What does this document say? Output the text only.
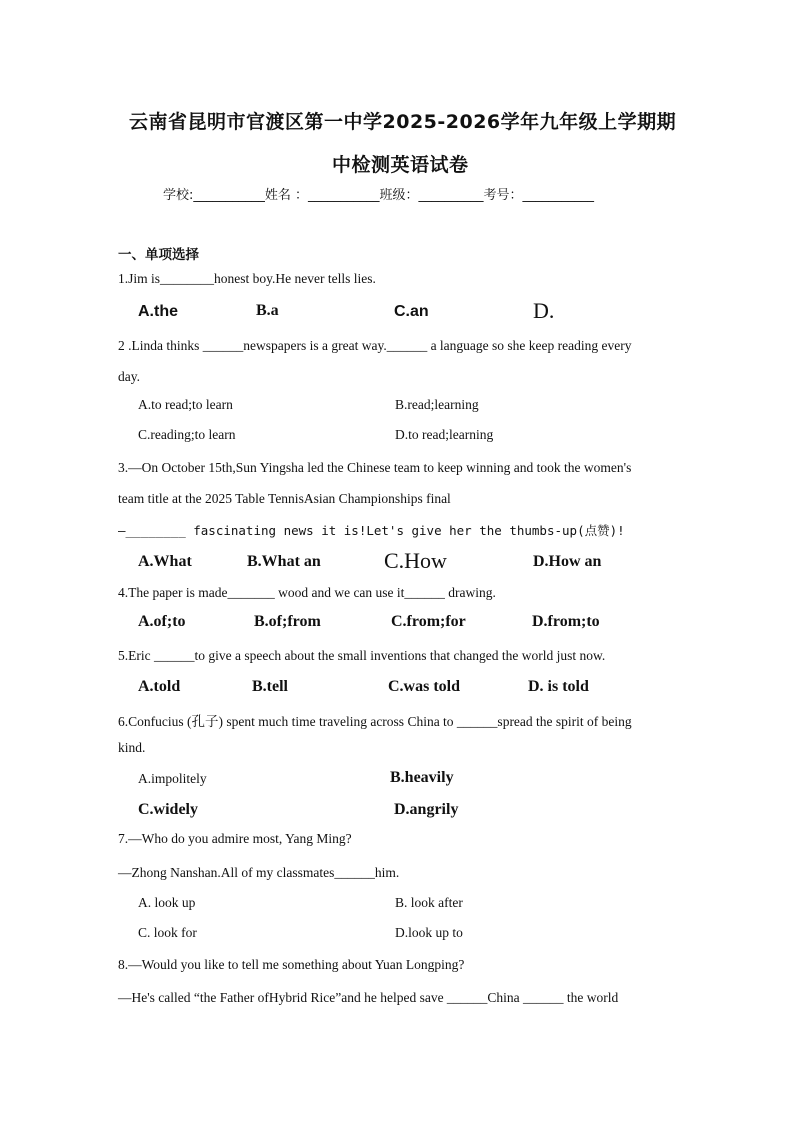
云南省昆明市官渡区第一中学2025-2026学年九年级上学期期
中检测英语试卷
学校:___________姓名 ：___________班级：__________考号：___________
一、单项选择
1.Jim is________honest boy.He never tells lies.
A.the	B.a	C.an	D.
2 .Linda thinks ______newspapers is a great way.______ a language so she keep reading every
day.
A.to read;to learn	B.read;learning
C.reading;to learn	D.to read;learning
3.—On October 15th,Sun Yingsha led the Chinese team to keep winning and took the women's
team title at the 2025 Table TennisAsian Championships final
—________ fascinating news it is!Let's give her the thumbs-up(点赞)!
A.What	B.What an	C.How	D.How an
4.The paper is made_______ wood and we can use it______ drawing.
A.of;to	B.of;from	C.from;for	D.from;to
5.Eric ______to give a speech about the small inventions that changed the world just now.
A.told	B.tell	C.was told	D. is told
6.Confucius (孔子) spent much time traveling across China to ______spread the spirit of being
kind.
A.impolitely	B.heavily
C.widely	D.angrily
7.—Who do you admire most, Yang Ming?
—Zhong Nanshan.All of my classmates______him.
A. look up	B. look after
C. look for	D.look up to
8.—Would you like to tell me something about Yuan Longping?
—He's called “the Father ofHybrid Rice”and he helped save ______China ______ the world
